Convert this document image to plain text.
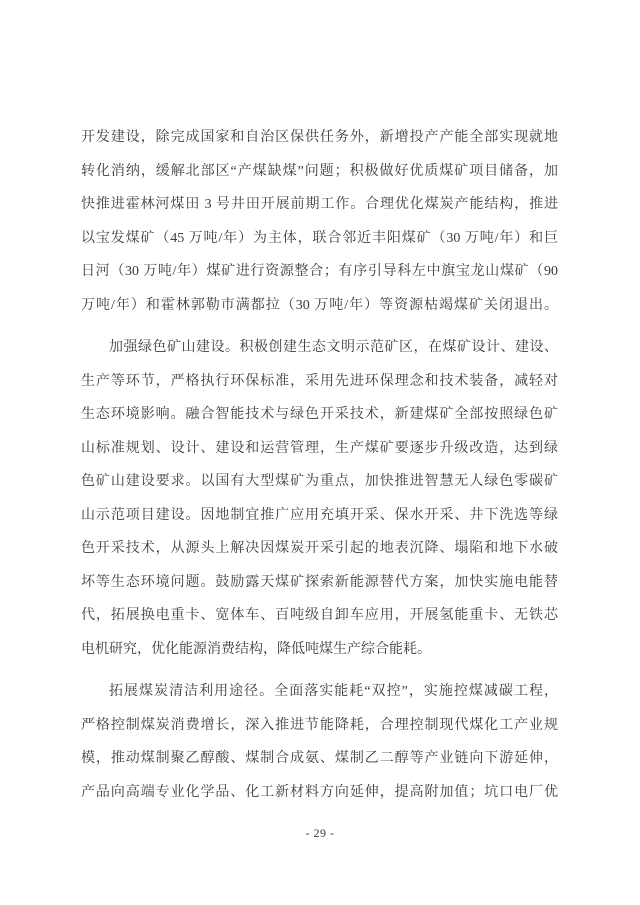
开发建设，除完成国家和自治区保供任务外，新增投产产能全部实现就地
转化消纳，缓解北部区“产煤缺煤”问题；积极做好优质煤矿项目储备，加
快推进霍林河煤田 3 号井田开展前期工作。合理优化煤炭产能结构，推进
以宝发煤矿（45 万吨/年）为主体，联合邻近丰阳煤矿（30 万吨/年）和巨
日河（30 万吨/年）煤矿进行资源整合；有序引导科左中旗宝龙山煤矿（90
万吨/年）和霍林郭勒市满都拉（30 万吨/年）等资源枯竭煤矿关闭退出。
加强绿色矿山建设。积极创建生态文明示范矿区，在煤矿设计、建设、
生产等环节，严格执行环保标准，采用先进环保理念和技术装备，减轻对
生态环境影响。融合智能技术与绿色开采技术，新建煤矿全部按照绿色矿
山标准规划、设计、建设和运营管理，生产煤矿要逐步升级改造，达到绿
色矿山建设要求。以国有大型煤矿为重点，加快推进智慧无人绿色零碳矿
山示范项目建设。因地制宜推广应用充填开采、保水开采、井下洗选等绿
色开采技术，从源头上解决因煤炭开采引起的地表沉降、塌陷和地下水破
坏等生态环境问题。鼓励露天煤矿探索新能源替代方案，加快实施电能替
代，拓展换电重卡、宽体车、百吨级自卸车应用，开展氢能重卡、无铁芯
电机研究，优化能源消费结构，降低吨煤生产综合能耗。
拓展煤炭清洁利用途径。全面落实能耗“双控”，实施控煤减碳工程，
严格控制煤炭消费增长，深入推进节能降耗，合理控制现代煤化工产业规
模，推动煤制聚乙醇酸、煤制合成氨、煤制乙二醇等产业链向下游延伸，
产品向高端专业化学品、化工新材料方向延伸，提高附加值；坑口电厂优
- 29 -
